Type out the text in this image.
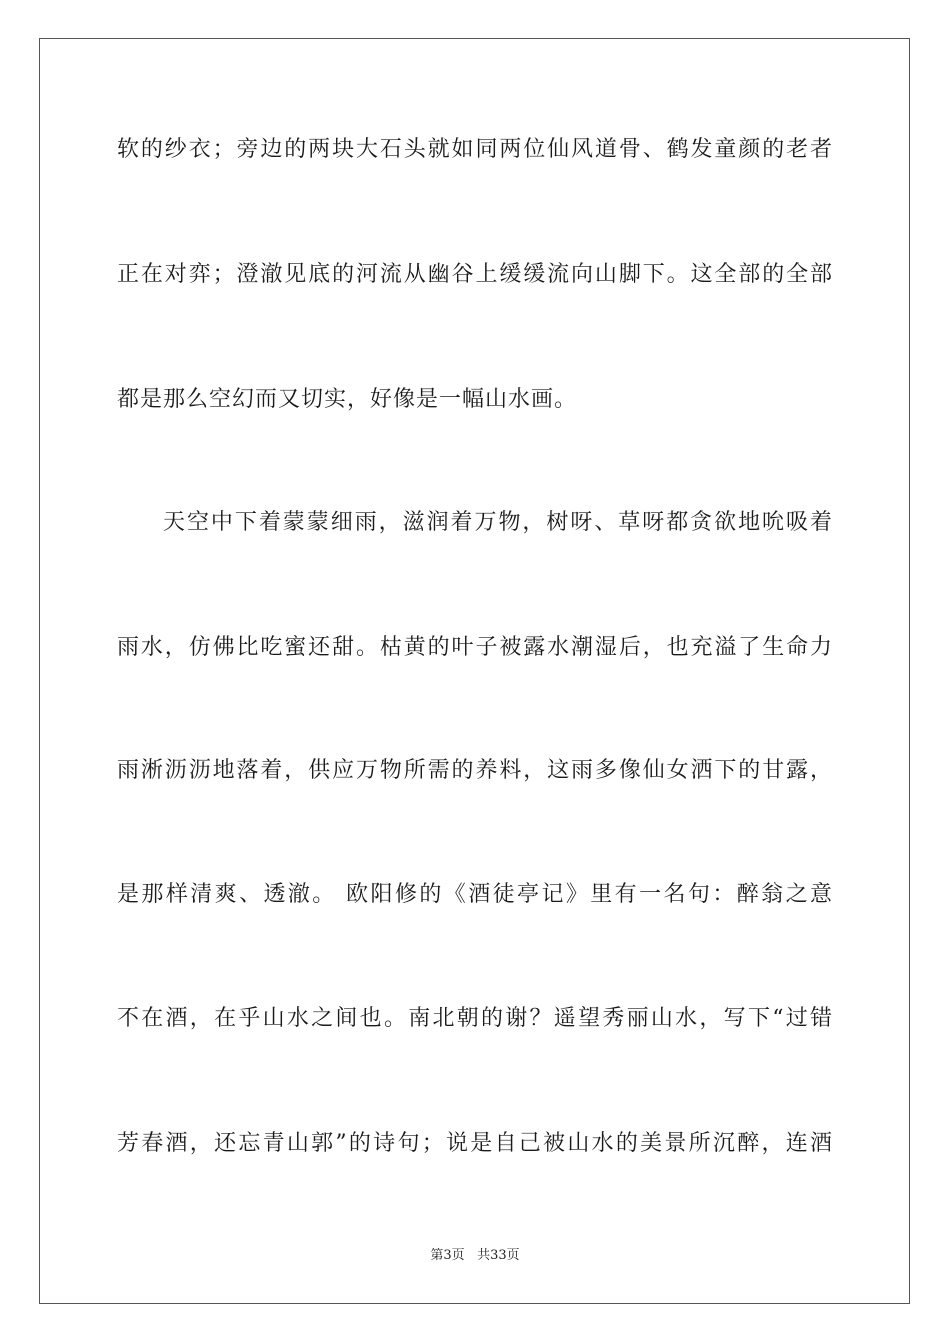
软的纱衣；旁边的两块大石头就如同两位仙风道骨、鹤发童颜的老者
正在对弈；澄澈见底的河流从幽谷上缓缓流向山脚下。这全部的全部
都是那么空幻而又切实，好像是一幅山水画。
天空中下着蒙蒙细雨，滋润着万物，树呀、草呀都贪欲地吮吸着
雨水，仿佛比吃蜜还甜。枯黄的叶子被露水潮湿后，也充溢了生命力
雨淅沥沥地落着，供应万物所需的养料，这雨多像仙女洒下的甘露，
是那样清爽、透澈。 欧阳修的《酒徒亭记》里有一名句：醉翁之意
不在酒，在乎山水之间也。南北朝的谢？遥望秀丽山水，写下“过错
芳春酒，还忘青山郭”的诗句；说是自己被山水的美景所沉醉，连酒
第3页 共33页
